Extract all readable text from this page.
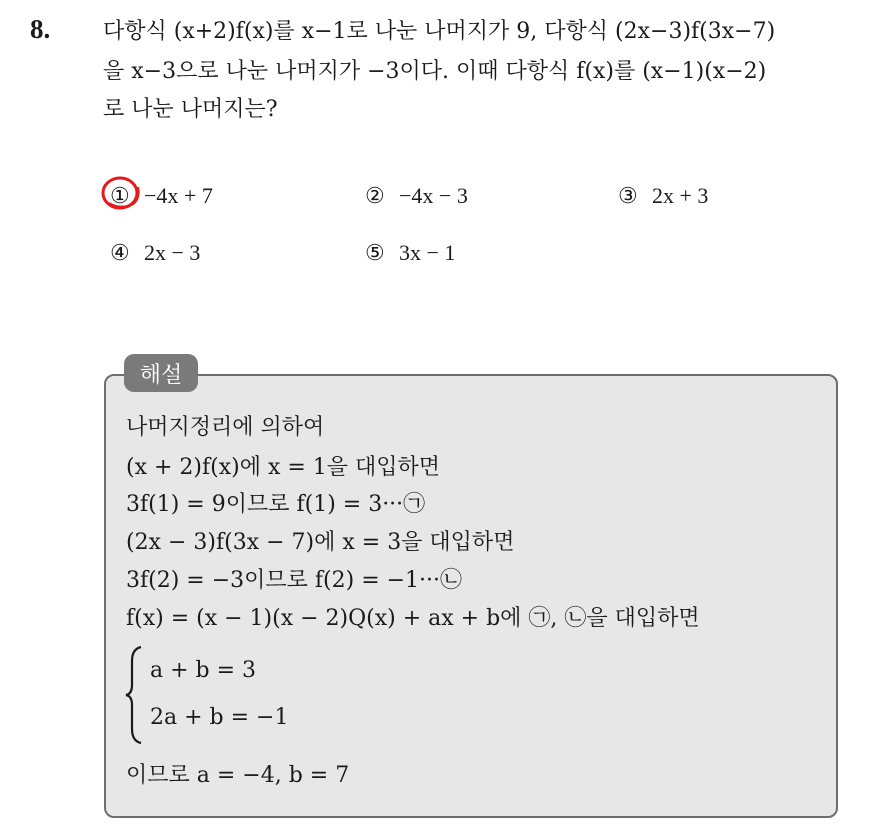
8. 다항식 (x+2)f(x)를 x−1로 나눈 나머지가 9, 다항식 (2x−3)f(3x−7)
을 x−3으로 나눈 나머지가 −3이다. 이때 다항식 f(x)를 (x−1)(x−2)
로 나눈 나머지는?
① −4x + 7	② −4x − 3	③ 2x + 3
④ 2x − 3	⑤ 3x − 1
해설
나머지정리에 의하여
(x + 2)f(x)에 x = 1을 대입하면
3f(1) = 9이므로 f(1) = 3···㉠
(2x − 3)f(3x − 7)에 x = 3을 대입하면
3f(2) = −3이므로 f(2) = −1···㉡
f(x) = (x − 1)(x − 2)Q(x) + ax + b에 ㉠, ㉡을 대입하면
a + b = 3
2a + b = −1
이므로 a = −4, b = 7
